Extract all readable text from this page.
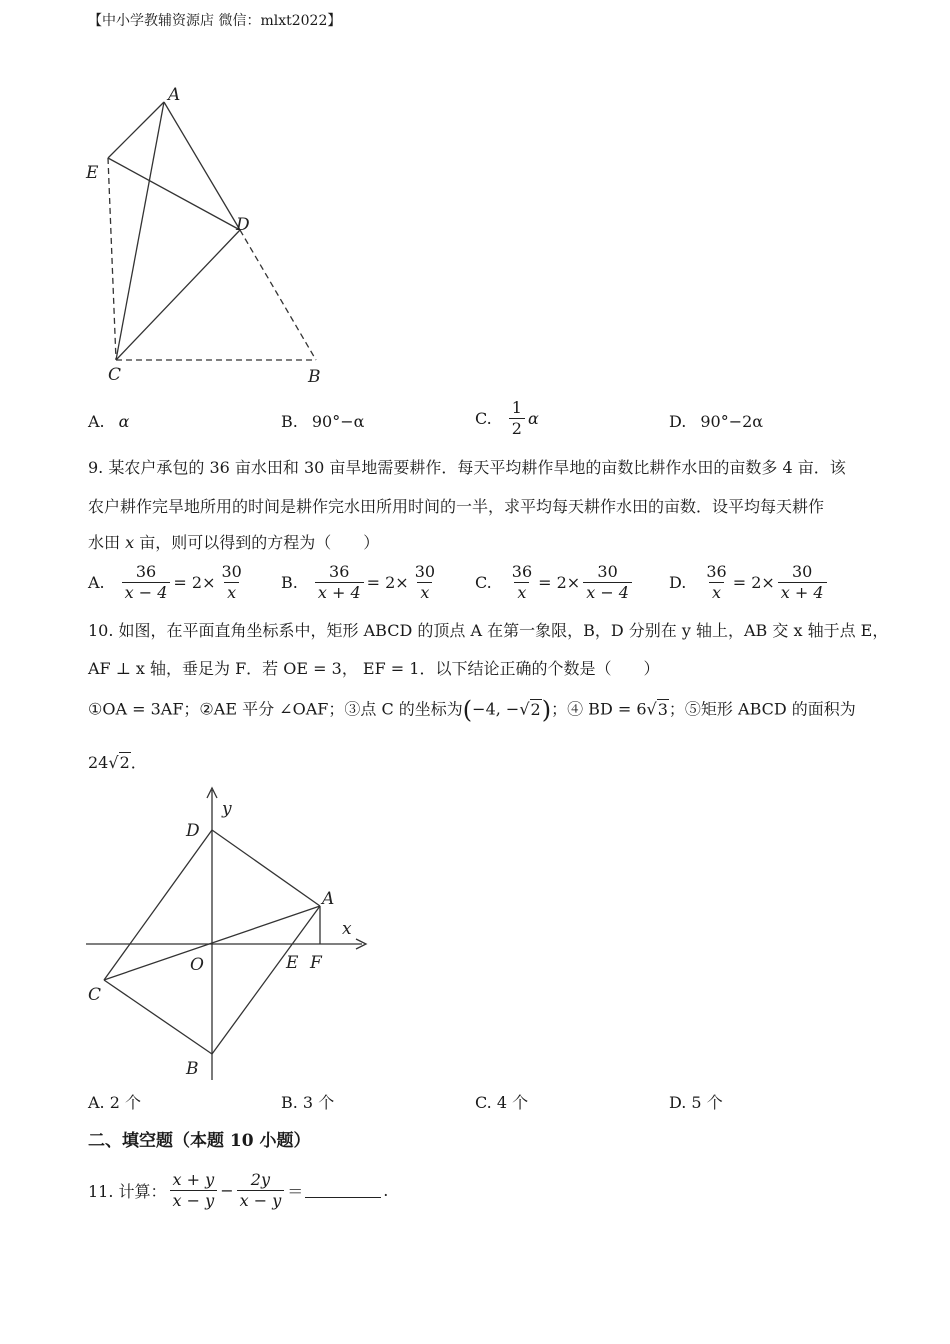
【中小学教辅资源店 微信：mlxt2022】
A
E
D
C	B
A. α	B. 90°−α	C. $\frac{1}{2}$ α	D. 90°−2α
9. 某农户承包的 36 亩水田和 30 亩旱地需要耕作．每天平均耕作旱地的亩数比耕作水田的亩数多 4 亩．该
农户耕作完旱地所用的时间是耕作完水田所用时间的一半，求平均每天耕作水田的亩数．设平均每天耕作
水田 x 亩，则可以得到的方程为（　　）
A. $\frac{36}{x - 4} = 2\times \frac{30}{x} B$. $\frac{36}{x + 4} = 2\times \frac{30}{x} C$. $\frac{36}{x} = 2\times \frac{30}{x - 4} D$. $\frac{36}{x} = 2\times \frac{30}{x + 4}$
10. 如图，在平面直角坐标系中，矩形 ABCD 的顶点 A 在第一象限，B，D 分别在 y 轴上，AB 交 x 轴于点 E，
AF ⊥ x 轴，垂足为 F．若 OE = 3， EF = 1．以下结论正确的个数是（　　）
①OA = 3AF；②AE 平分 ∠OAF；③点 C 的坐标为(−4, −√2)；④ BD = 6√3；⑤矩形 ABCD 的面积为
24√2．
y
D
A
x
O	E F
C
B
A. 2 个	B. 3 个	C. 4 个	D. 5 个
二、填空题（本题 10 小题）
11. 计算： $\frac{x + y}{x - y} - \frac{2y}{x - y}$ ＝	.
